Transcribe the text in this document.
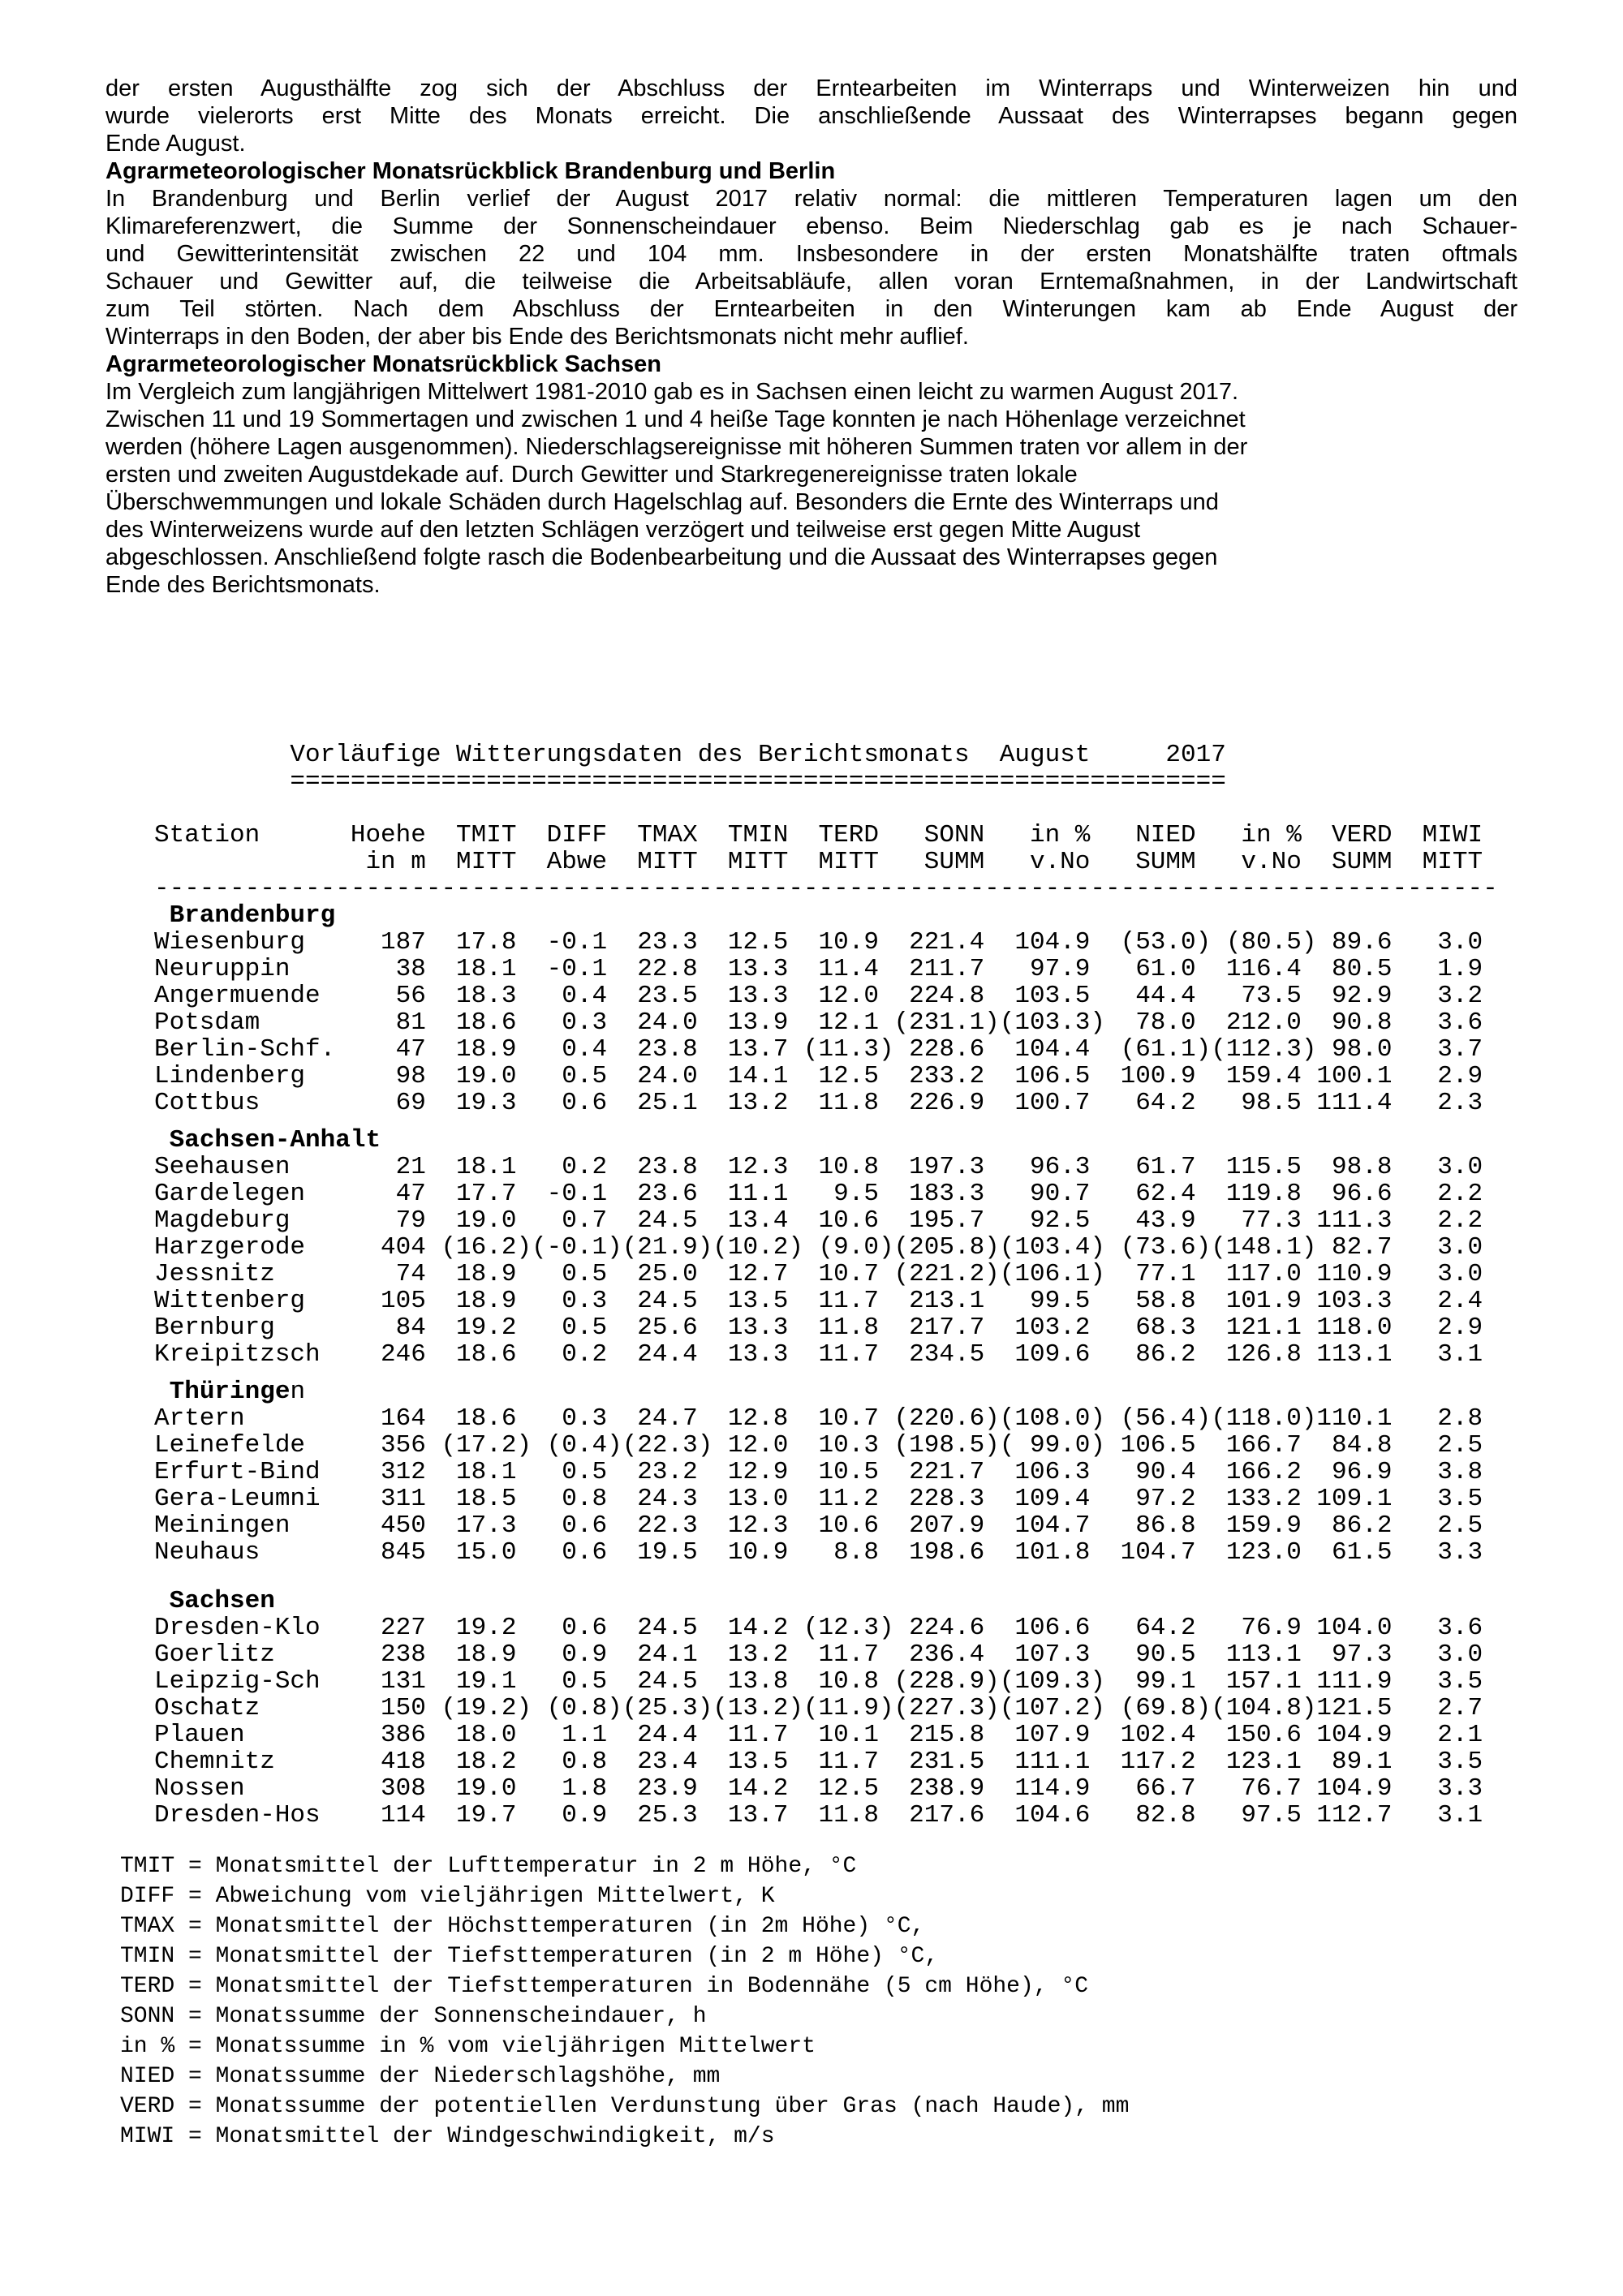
der ersten Augusthälfte zog sich der Abschluss der Erntearbeiten im Winterraps und Winterweizen hin und
wurde vielerorts erst Mitte des Monats erreicht. Die anschließende Aussaat des Winterrapses begann gegen
Ende August.
Agrarmeteorologischer Monatsrückblick Brandenburg und Berlin
In Brandenburg und Berlin verlief der August 2017 relativ normal: die mittleren Temperaturen lagen um den
Klimareferenzwert, die Summe der Sonnenscheindauer ebenso. Beim Niederschlag gab es je nach Schauer-
und Gewitterintensität zwischen 22 und 104 mm. Insbesondere in der ersten Monatshälfte traten oftmals
Schauer und Gewitter auf, die teilweise die Arbeitsabläufe, allen voran Erntemaßnahmen, in der Landwirtschaft
zum Teil störten. Nach dem Abschluss der Erntearbeiten in den Winterungen kam ab Ende August der
Winterraps in den Boden, der aber bis Ende des Berichtsmonats nicht mehr auflief.
Agrarmeteorologischer Monatsrückblick Sachsen
Im Vergleich zum langjährigen Mittelwert 1981-2010 gab es in Sachsen einen leicht zu warmen August 2017.
Zwischen 11 und 19 Sommertagen und zwischen 1 und 4 heiße Tage konnten je nach Höhenlage verzeichnet
werden (höhere Lagen ausgenommen). Niederschlagsereignisse mit höheren Summen traten vor allem in der
ersten und zweiten Augustdekade auf. Durch Gewitter und Starkregenereignisse traten lokale
Überschwemmungen und lokale Schäden durch Hagelschlag auf. Besonders die Ernte des Winterraps und
des Winterweizens wurde auf den letzten Schlägen verzögert und teilweise erst gegen Mitte August
abgeschlossen. Anschließend folgte rasch die Bodenbearbeitung und die Aussaat des Winterrapses gegen
Ende des Berichtsmonats.
Vorläufige Witterungsdaten des Berichtsmonats  August     2017
==============================================================
Station      Hoehe  TMIT  DIFF  TMAX  TMIN  TERD   SONN   in %   NIED   in %  VERD  MIWI
in m  MITT  Abwe  MITT  MITT  MITT   SUMM   v.No   SUMM   v.No  SUMM  MITT
-----------------------------------------------------------------------------------------
Brandenburg
Wiesenburg     187  17.8  -0.1  23.3  12.5  10.9  221.4  104.9  (53.0) (80.5) 89.6   3.0
Neuruppin       38  18.1  -0.1  22.8  13.3  11.4  211.7   97.9   61.0  116.4  80.5   1.9
Angermuende     56  18.3   0.4  23.5  13.3  12.0  224.8  103.5   44.4   73.5  92.9   3.2
Potsdam         81  18.6   0.3  24.0  13.9  12.1 (231.1)(103.3)  78.0  212.0  90.8   3.6
Berlin-Schf.    47  18.9   0.4  23.8  13.7 (11.3) 228.6  104.4  (61.1)(112.3) 98.0   3.7
Lindenberg      98  19.0   0.5  24.0  14.1  12.5  233.2  106.5  100.9  159.4 100.1   2.9
Cottbus         69  19.3   0.6  25.1  13.2  11.8  226.9  100.7   64.2   98.5 111.4   2.3
Sachsen-Anhalt
Seehausen       21  18.1   0.2  23.8  12.3  10.8  197.3   96.3   61.7  115.5  98.8   3.0
Gardelegen      47  17.7  -0.1  23.6  11.1   9.5  183.3   90.7   62.4  119.8  96.6   2.2
Magdeburg       79  19.0   0.7  24.5  13.4  10.6  195.7   92.5   43.9   77.3 111.3   2.2
Harzgerode     404 (16.2)(-0.1)(21.9)(10.2) (9.0)(205.8)(103.4) (73.6)(148.1) 82.7   3.0
Jessnitz        74  18.9   0.5  25.0  12.7  10.7 (221.2)(106.1)  77.1  117.0 110.9   3.0
Wittenberg     105  18.9   0.3  24.5  13.5  11.7  213.1   99.5   58.8  101.9 103.3   2.4
Bernburg        84  19.2   0.5  25.6  13.3  11.8  217.7  103.2   68.3  121.1 118.0   2.9
Kreipitzsch    246  18.6   0.2  24.4  13.3  11.7  234.5  109.6   86.2  126.8 113.1   3.1
Thüringen
Artern         164  18.6   0.3  24.7  12.8  10.7 (220.6)(108.0) (56.4)(118.0)110.1   2.8
Leinefelde     356 (17.2) (0.4)(22.3) 12.0  10.3 (198.5)( 99.0) 106.5  166.7  84.8   2.5
Erfurt-Bind    312  18.1   0.5  23.2  12.9  10.5  221.7  106.3   90.4  166.2  96.9   3.8
Gera-Leumni    311  18.5   0.8  24.3  13.0  11.2  228.3  109.4   97.2  133.2 109.1   3.5
Meiningen      450  17.3   0.6  22.3  12.3  10.6  207.9  104.7   86.8  159.9  86.2   2.5
Neuhaus        845  15.0   0.6  19.5  10.9   8.8  198.6  101.8  104.7  123.0  61.5   3.3
Sachsen
Dresden-Klo    227  19.2   0.6  24.5  14.2 (12.3) 224.6  106.6   64.2   76.9 104.0   3.6
Goerlitz       238  18.9   0.9  24.1  13.2  11.7  236.4  107.3   90.5  113.1  97.3   3.0
Leipzig-Sch    131  19.1   0.5  24.5  13.8  10.8 (228.9)(109.3)  99.1  157.1 111.9   3.5
Oschatz        150 (19.2) (0.8)(25.3)(13.2)(11.9)(227.3)(107.2) (69.8)(104.8)121.5   2.7
Plauen         386  18.0   1.1  24.4  11.7  10.1  215.8  107.9  102.4  150.6 104.9   2.1
Chemnitz       418  18.2   0.8  23.4  13.5  11.7  231.5  111.1  117.2  123.1  89.1   3.5
Nossen         308  19.0   1.8  23.9  14.2  12.5  238.9  114.9   66.7   76.7 104.9   3.3
Dresden-Hos    114  19.7   0.9  25.3  13.7  11.8  217.6  104.6   82.8   97.5 112.7   3.1
TMIT = Monatsmittel der Lufttemperatur in 2 m Höhe, °C
DIFF = Abweichung vom vieljährigen Mittelwert, K
TMAX = Monatsmittel der Höchsttemperaturen (in 2m Höhe) °C,
TMIN = Monatsmittel der Tiefsttemperaturen (in 2 m Höhe) °C,
TERD = Monatsmittel der Tiefsttemperaturen in Bodennähe (5 cm Höhe), °C
SONN = Monatssumme der Sonnenscheindauer, h
in % = Monatssumme in % vom vieljährigen Mittelwert
NIED = Monatssumme der Niederschlagshöhe, mm
VERD = Monatssumme der potentiellen Verdunstung über Gras (nach Haude), mm
MIWI = Monatsmittel der Windgeschwindigkeit, m/s
